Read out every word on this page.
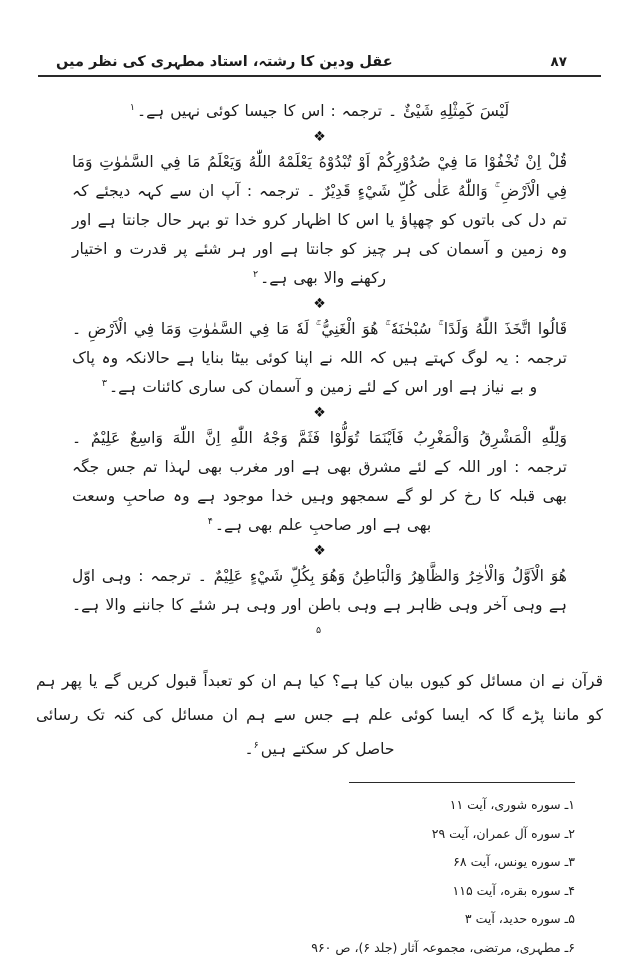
عقل ودین کا رشتہ، استاد مطہری کی نظر میں	۸۷

لَيْسَ كَمِثْلِهِ شَيْئٌ ۔ ترجمہ : اس کا جیسا کوئی نہیں ہے۔$^۱$

❖

قُلْ اِنْ تُخْفُوْا مَا فِيْ صُدُوْرِكُمْ اَوْ تُبْدُوْهُ يَعْلَمْهُ اللّٰهُ وَيَعْلَمُ مَا فِي السَّمٰوٰتِ وَمَا فِي الْاَرْضِ ۚ وَاللّٰهُ عَلٰى كُلِّ شَيْءٍ قَدِيْرٌ ۔ ترجمہ : آپ ان سے کہہ دیجئے کہ تم دل کی باتوں کو چھپاؤ یا اس کا اظہار کرو خدا تو بہر حال جانتا ہے اور وہ زمین و آسمان کی ہر چیز کو جانتا ہے اور ہر شئے پر قدرت و اختیار رکھنے والا بھی ہے۔$^۲$

❖

قَالُوا اتَّخَذَ اللّٰهُ وَلَدًا ۚ سُبْحٰنَهٗ ۚ هُوَ الْغَنِيُّ ۚ لَهٗ مَا فِي السَّمٰوٰتِ وَمَا فِي الْاَرْضِ ۔ ترجمہ : یہ لوگ کہتے ہیں کہ اللہ نے اپنا کوئی بیٹا بنایا ہے حالانکہ وہ پاک و بے نیاز ہے اور اس کے لئے زمین و آسمان کی ساری کائنات ہے۔$^۳$

❖

وَلِلّٰهِ الْمَشْرِقُ وَالْمَغْرِبُ فَاَيْنَمَا تُوَلُّوْا فَثَمَّ وَجْهُ اللّٰهِ اِنَّ اللّٰهَ وَاسِعٌ عَلِيْمٌ ۔ ترجمہ : اور اللہ کے لئے مشرق بھی ہے اور مغرب بھی لہذا تم جس جگہ بھی قبلہ کا رخ کر لو گے سمجھو وہیں خدا موجود ہے وہ صاحبِ وسعت بھی ہے اور صاحبِ علم بھی ہے۔$^۴$

❖

هُوَ الْاَوَّلُ وَالْاٰخِرُ وَالظَّاهِرُ وَالْبَاطِنُ وَهُوَ بِكُلِّ شَيْءٍ عَلِيْمٌ ۔ ترجمہ : وہی اوّل ہے وہی آخر وہی ظاہر ہے وہی باطن اور وہی ہر شئے کا جاننے والا ہے۔$^۵$

قرآن نے ان مسائل کو کیوں بیان کیا ہے؟ کیا ہم ان کو تعبداً قبول کریں گے یا پھر ہم کو ماننا پڑے گا کہ ایسا کوئی علم ہے جس سے ہم ان مسائل کی کنہ تک رسائی حاصل کر سکتے ہیں$^۶$۔

۱ـ سوره شوری، آیت ۱۱
۲ـ سوره آل عمران، آیت ۲۹
۳ـ سوره یونس، آیت ۶۸
۴ـ سوره بقره، آیت ۱۱۵
۵ـ سوره حدید، آیت ۳
۶ـ مطہری، مرتضی، مجموعہ آثار (جلد ۶)، ص ۹۶۰
